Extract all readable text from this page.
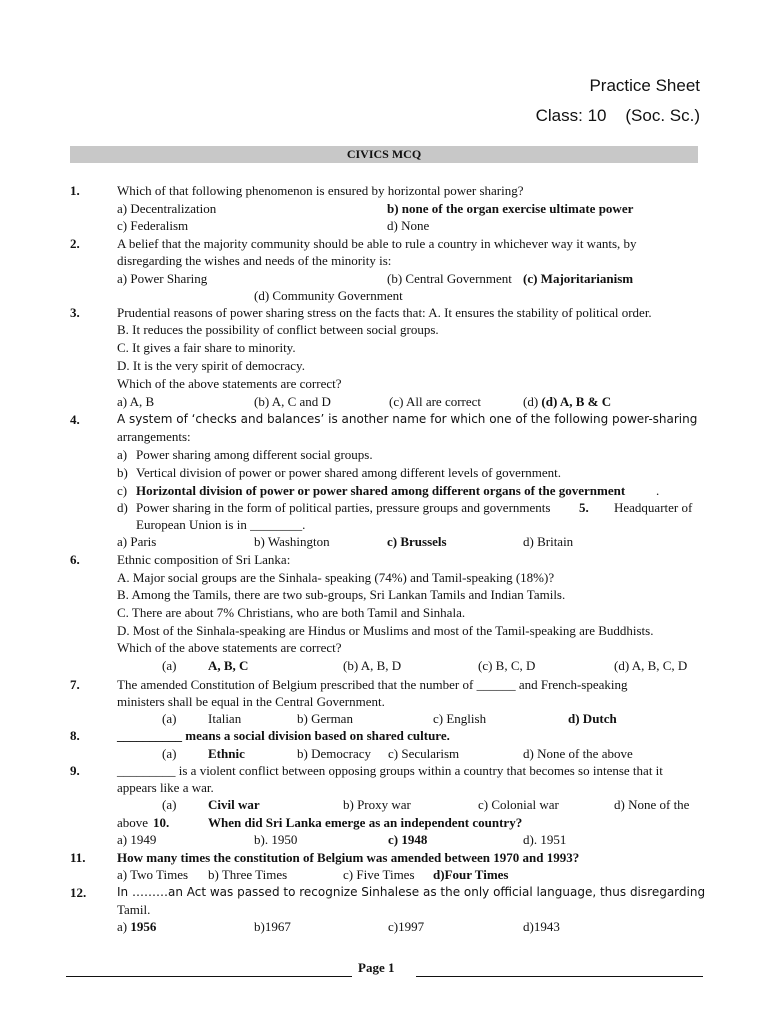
Practice Sheet
Class: 10    (Soc. Sc.)
CIVICS MCQ
1.	Which of that following phenomenon is ensured by horizontal power sharing?
a) Decentralization	b) none of the organ exercise ultimate power
c) Federalism	d) None
2.	A belief that the majority community should be able to rule a country in whichever way it wants, by
disregarding the wishes and needs of the minority is:
a) Power Sharing	(b) Central Government (c) Majoritarianism
(d) Community Government
3.	Prudential reasons of power sharing stress on the facts that: A. It ensures the stability of political order.
B. It reduces the possibility of conflict between social groups.
C. It gives a fair share to minority.
D. It is the very spirit of democracy.
Which of the above statements are correct?
a) A, B	(b) A, C and D	(c) All are correct	(d) (d) A, B & C
4.	A system of ‘checks and balances’ is another name for which one of the following power-sharing
arrangements:
a) Power sharing among different social groups.
b) Vertical division of power or power shared among different levels of government.
c) Horizontal division of power or power shared among different organs of the government .
d) Power sharing in the form of political parties, pressure groups and governments 5. Headquarter of
European Union is in ________.
a) Paris	b) Washington	c) Brussels	d) Britain
6.	Ethnic composition of Sri Lanka:
A. Major social groups are the Sinhala- speaking (74%) and Tamil-speaking (18%)?
B. Among the Tamils, there are two sub-groups, Sri Lankan Tamils and Indian Tamils.
C. There are about 7% Christians, who are both Tamil and Sinhala.
D. Most of the Sinhala-speaking are Hindus or Muslims and most of the Tamil-speaking are Buddhists.
Which of the above statements are correct?
(a) A, B, C	(b) A, B, D	(c) B, C, D	(d) A, B, C, D
7.	The amended Constitution of Belgium prescribed that the number of ______ and French-speaking
ministers shall be equal in the Central Government.
(a) Italian	b) German	c) English	d) Dutch
8.	__________ means a social division based on shared culture.
(a) Ethnic	b) Democracy c) Secularism	d) None of the above
9.	_________ is a violent conflict between opposing groups within a country that becomes so intense that it
appears like a war.
(a) Civil war	b) Proxy war	c) Colonial war	d) None of the
above 10.	When did Sri Lanka emerge as an independent country?
a) 1949	b). 1950	c) 1948	d). 1951
11. How many times the constitution of Belgium was amended between 1970 and 1993?
a) Two Times b) Three Times	c) Five Times d)Four Times
12.	In ………an Act was passed to recognize Sinhalese as the only official language, thus disregarding
Tamil.
a) 1956	b)1967	c)1997	d)1943
Page 1
